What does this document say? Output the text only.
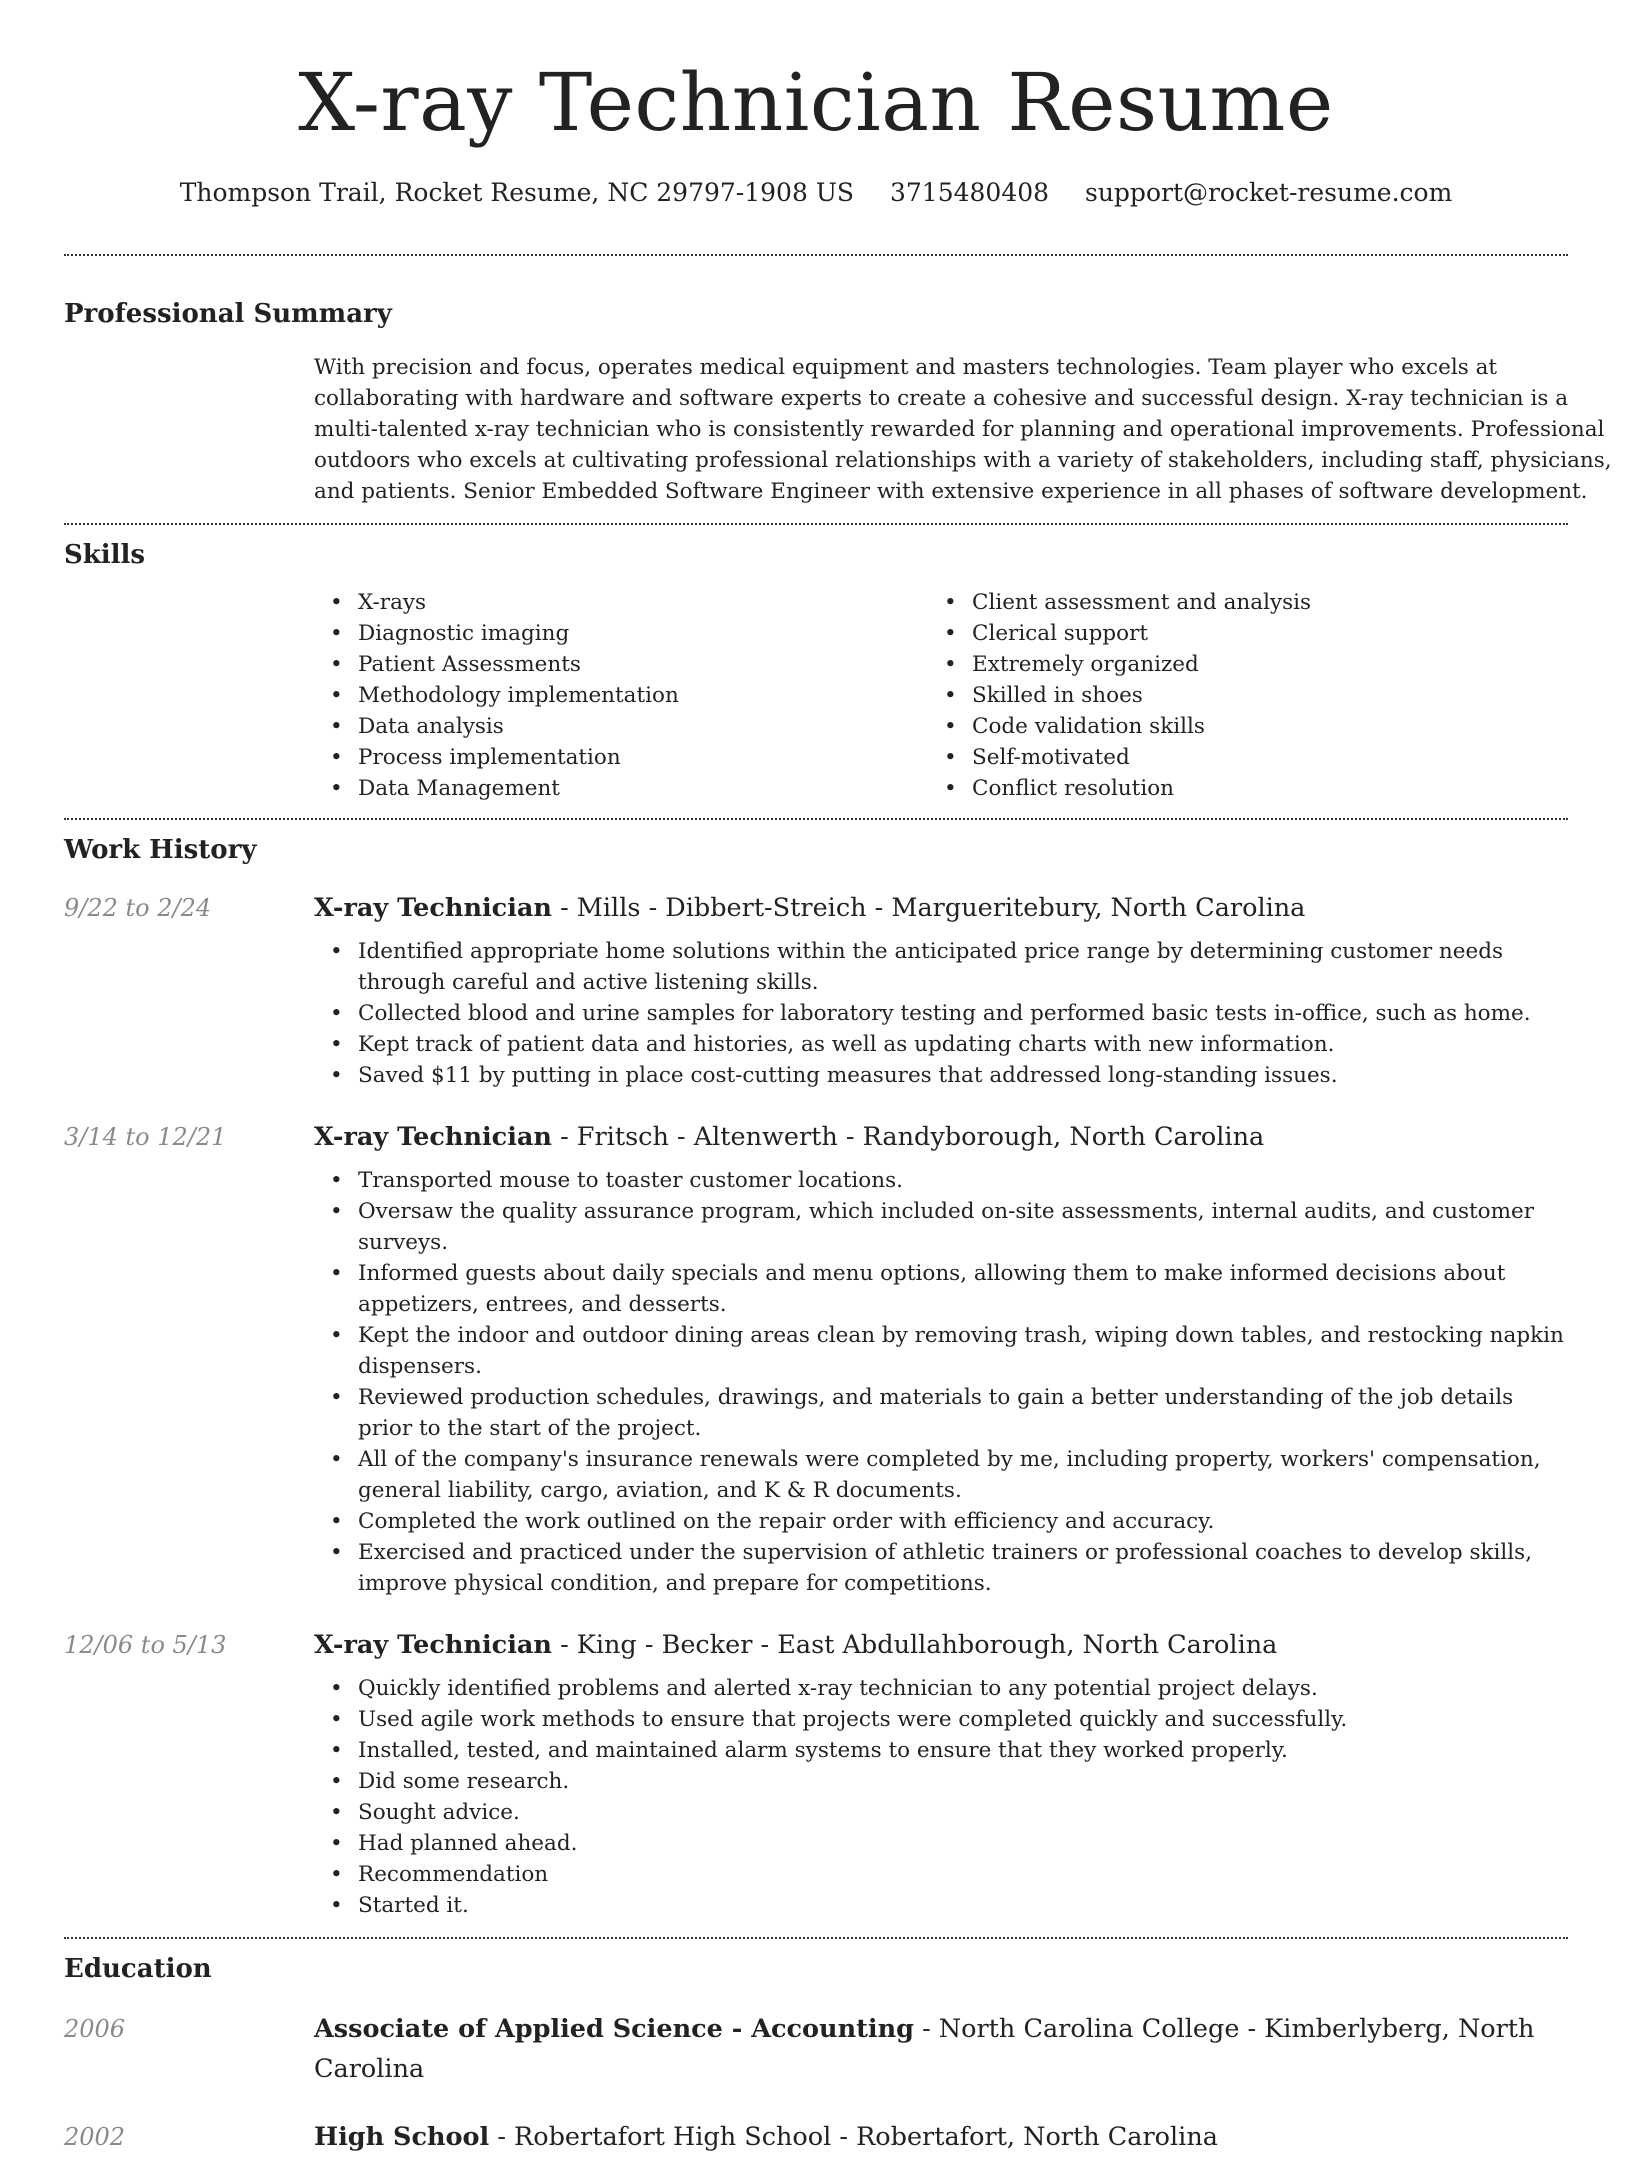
X-ray Technician Resume
Thompson Trail, Rocket Resume, NC 29797-1908 US 3715480408 support@rocket-resume.com
Professional Summary

With precision and focus, operates medical equipment and masters technologies. Team player who excels at collaborating with hardware and software experts to create a cohesive and successful design. X-ray technician is a multi-talented x-ray technician who is consistently rewarded for planning and operational improvements. Professional outdoors who excels at cultivating professional relationships with a variety of stakeholders, including staff, physicians, and patients. Senior Embedded Software Engineer with extensive experience in all phases of software development.

Skills
• X-rays
• Diagnostic imaging
• Patient Assessments
• Methodology implementation
• Data analysis
• Process implementation
• Data Management
• Client assessment and analysis
• Clerical support
• Extremely organized
• Skilled in shoes
• Code validation skills
• Self-motivated
• Conflict resolution
Work History
9/22 to 2/24	X-ray Technician - Mills - Dibbert-Streich - Margueritebury, North Carolina
• Identified appropriate home solutions within the anticipated price range by determining customer needs through careful and active listening skills.
• Collected blood and urine samples for laboratory testing and performed basic tests in-office, such as home.
• Kept track of patient data and histories, as well as updating charts with new information.
• Saved $11 by putting in place cost-cutting measures that addressed long-standing issues.
3/14 to 12/21	X-ray Technician - Fritsch - Altenwerth - Randyborough, North Carolina
• Transported mouse to toaster customer locations.
• Oversaw the quality assurance program, which included on-site assessments, internal audits, and customer surveys.
• Informed guests about daily specials and menu options, allowing them to make informed decisions about appetizers, entrees, and desserts.
• Kept the indoor and outdoor dining areas clean by removing trash, wiping down tables, and restocking napkin dispensers.
• Reviewed production schedules, drawings, and materials to gain a better understanding of the job details prior to the start of the project.
• All of the company's insurance renewals were completed by me, including property, workers' compensation, general liability, cargo, aviation, and K & R documents.
• Completed the work outlined on the repair order with efficiency and accuracy.
• Exercised and practiced under the supervision of athletic trainers or professional coaches to develop skills, improve physical condition, and prepare for competitions.
12/06 to 5/13	X-ray Technician - King - Becker - East Abdullahborough, North Carolina
• Quickly identified problems and alerted x-ray technician to any potential project delays.
• Used agile work methods to ensure that projects were completed quickly and successfully.
• Installed, tested, and maintained alarm systems to ensure that they worked properly.
• Did some research.
• Sought advice.
• Had planned ahead.
• Recommendation
• Started it.
Education
2006	Associate of Applied Science - Accounting - North Carolina College - Kimberlyberg, North Carolina
2002	High School - Robertafort High School - Robertafort, North Carolina
